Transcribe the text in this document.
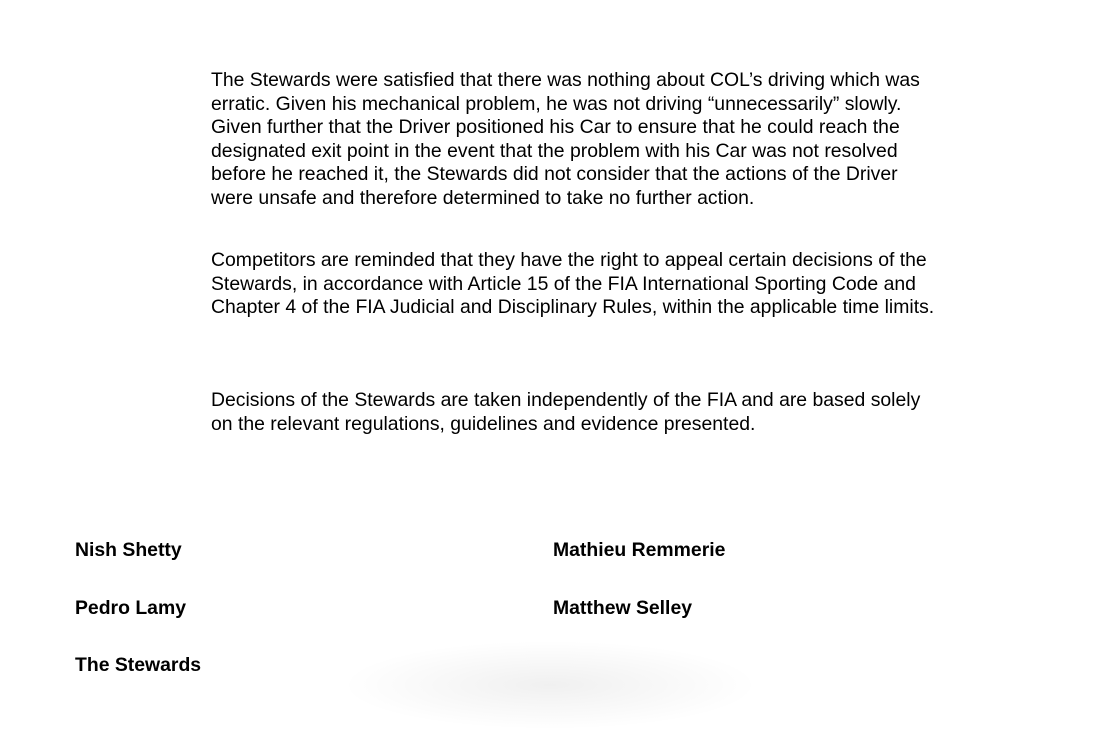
The Stewards were satisfied that there was nothing about COL’s driving which was
erratic. Given his mechanical problem, he was not driving “unnecessarily” slowly.
Given further that the Driver positioned his Car to ensure that he could reach the
designated exit point in the event that the problem with his Car was not resolved
before he reached it, the Stewards did not consider that the actions of the Driver
were unsafe and therefore determined to take no further action.

Competitors are reminded that they have the right to appeal certain decisions of the
Stewards, in accordance with Article 15 of the FIA International Sporting Code and
Chapter 4 of the FIA Judicial and Disciplinary Rules, within the applicable time limits.

Decisions of the Stewards are taken independently of the FIA and are based solely
on the relevant regulations, guidelines and evidence presented.

Nish Shetty

Pedro Lamy

Mathieu Remmerie

Matthew Selley

The Stewards
